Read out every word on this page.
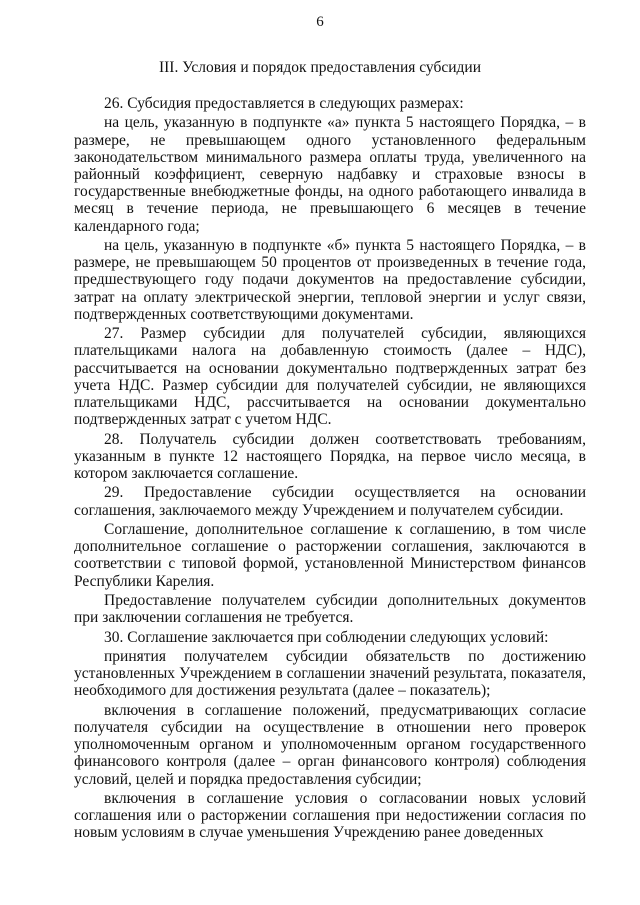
6
III. Условия и порядок предоставления субсидии

26. Субсидия предоставляется в следующих размерах:

на цель, указанную в подпункте «а» пункта 5 настоящего Порядка, – в размере, не превышающем одного установленного федеральным законодательством минимального размера оплаты труда, увеличенного на районный коэффициент, северную надбавку и страховые взносы в государственные внебюджетные фонды, на одного работающего инвалида в месяц в течение периода, не превышающего 6 месяцев в течение календарного года;

на цель, указанную в подпункте «б» пункта 5 настоящего Порядка, – в размере, не превышающем 50 процентов от произведенных в течение года, предшествующего году подачи документов на предоставление субсидии, затрат на оплату электрической энергии, тепловой энергии и услуг связи, подтвержденных соответствующими документами.

27. Размер субсидии для получателей субсидии, являющихся плательщиками налога на добавленную стоимость (далее – НДС), рассчитывается на основании документально подтвержденных затрат без учета НДС. Размер субсидии для получателей субсидии, не являющихся плательщиками НДС, рассчитывается на основании документально подтвержденных затрат с учетом НДС.

28. Получатель субсидии должен соответствовать требованиям, указанным в пункте 12 настоящего Порядка, на первое число месяца, в котором заключается соглашение.

29. Предоставление субсидии осуществляется на основании соглашения, заключаемого между Учреждением и получателем субсидии.

Соглашение, дополнительное соглашение к соглашению, в том числе дополнительное соглашение о расторжении соглашения, заключаются в соответствии с типовой формой, установленной Министерством финансов Республики Карелия.

Предоставление получателем субсидии дополнительных документов при заключении соглашения не требуется.

30. Соглашение заключается при соблюдении следующих условий:

принятия получателем субсидии обязательств по достижению установленных Учреждением в соглашении значений результата, показателя, необходимого для достижения результата (далее – показатель);

включения в соглашение положений, предусматривающих согласие получателя субсидии на осуществление в отношении него проверок уполномоченным органом и уполномоченным органом государственного финансового контроля (далее – орган финансового контроля) соблюдения условий, целей и порядка предоставления субсидии;

включения в соглашение условия о согласовании новых условий соглашения или о расторжении соглашения при недостижении согласия по новым условиям в случае уменьшения Учреждению ранее доведенных
